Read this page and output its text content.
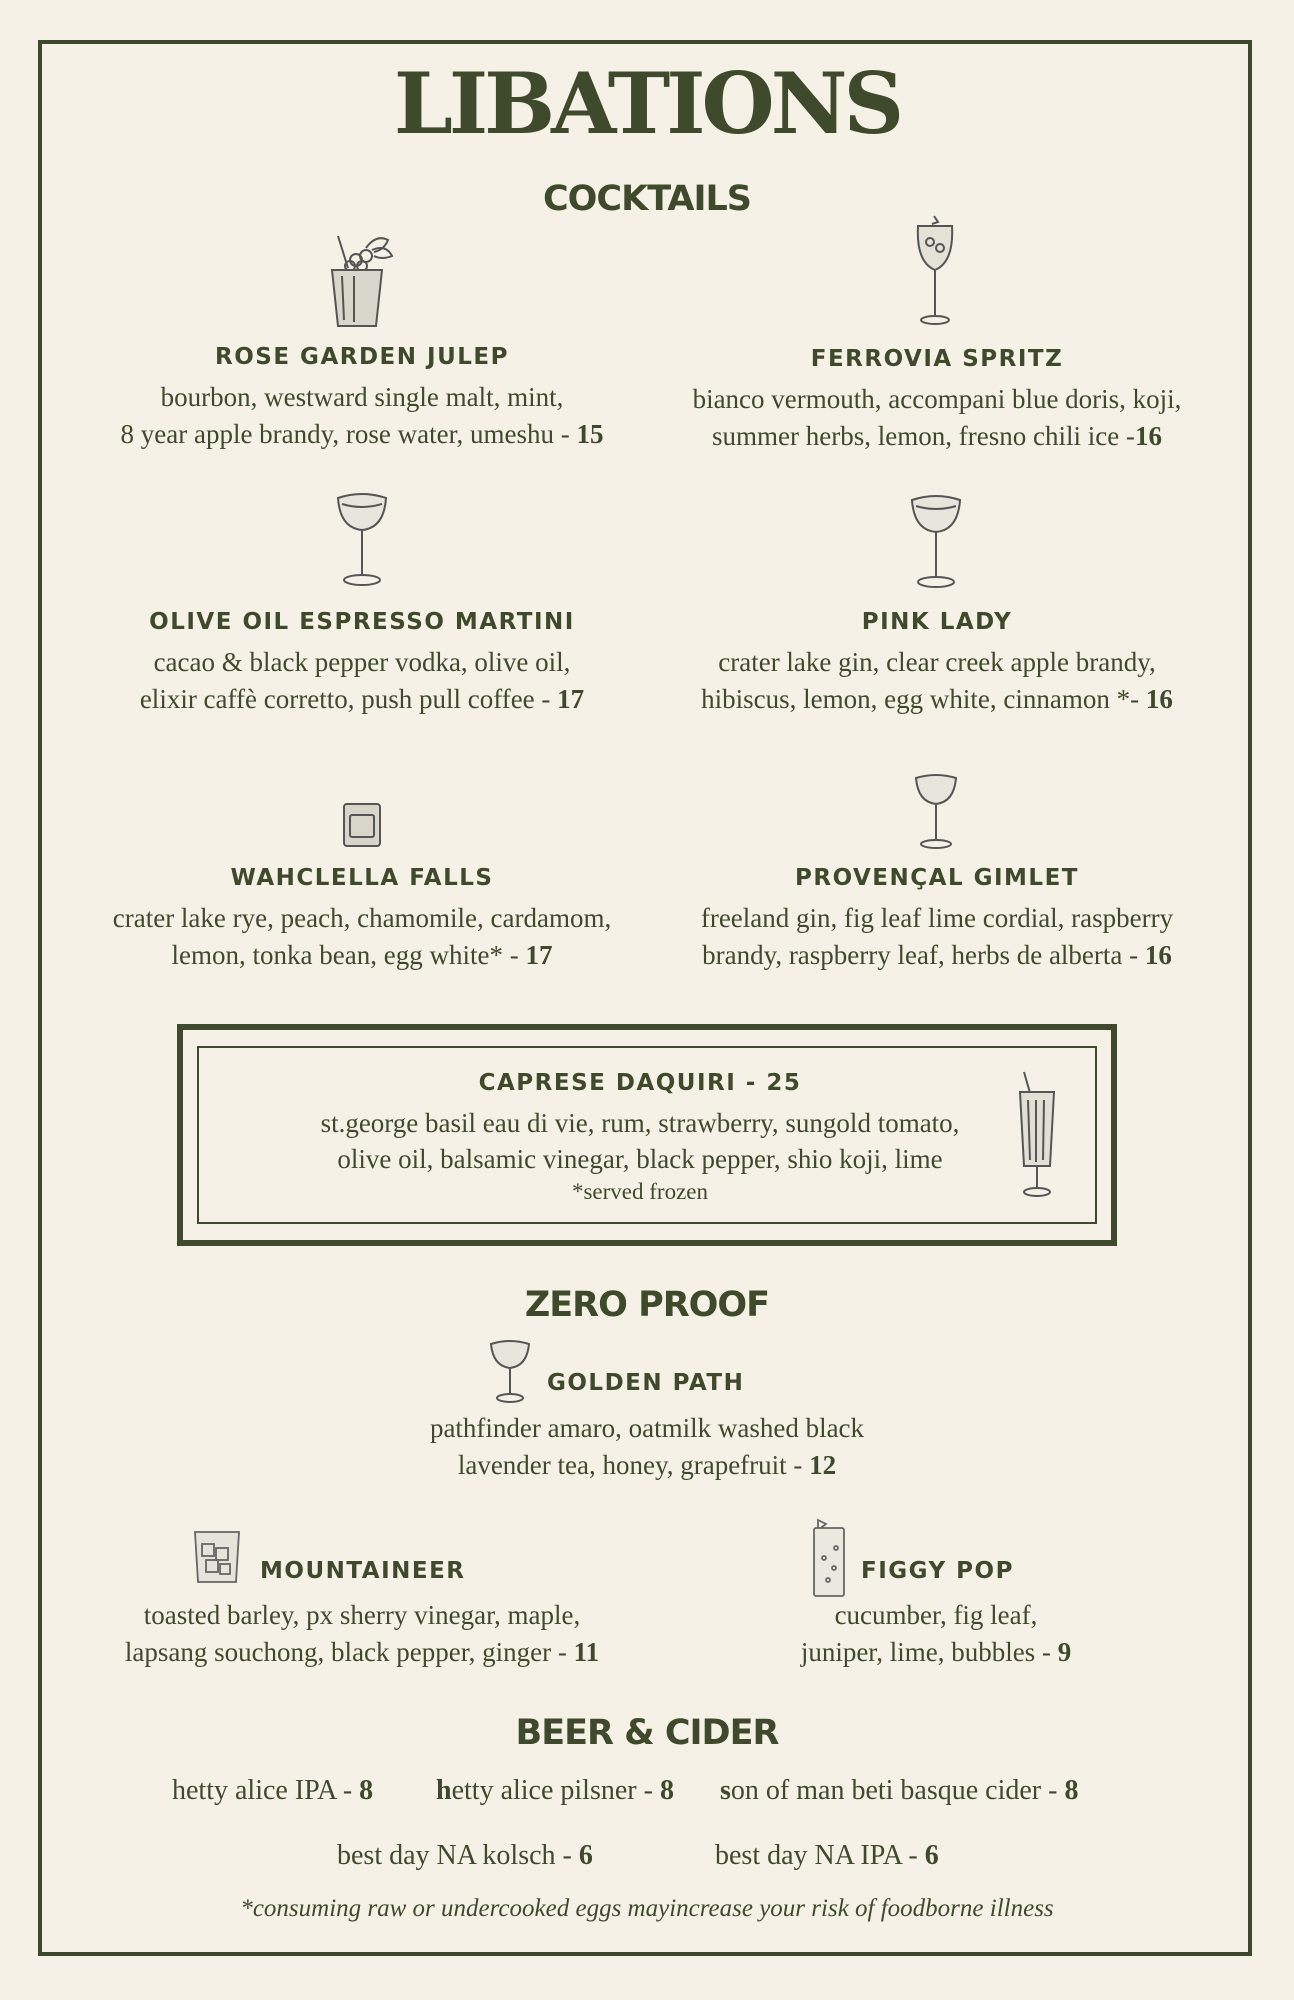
LIBATIONS
COCKTAILS
ROSE GARDEN JULEP
bourbon, westward single malt, mint,
8 year apple brandy, rose water, umeshu - 15
FERROVIA SPRITZ
bianco vermouth, accompani blue doris, koji,
summer herbs, lemon, fresno chili ice -16
OLIVE OIL ESPRESSO MARTINI
cacao & black pepper vodka, olive oil,
elixir caffè corretto, push pull coffee - 17
PINK LADY
crater lake gin, clear creek apple brandy,
hibiscus, lemon, egg white, cinnamon *- 16
WAHCLELLA FALLS
crater lake rye, peach, chamomile, cardamom,
lemon, tonka bean, egg white* - 17
PROVENÇAL GIMLET
freeland gin, fig leaf lime cordial, raspberry
brandy, raspberry leaf, herbs de alberta - 16
CAPRESE DAQUIRI - 25
st.george basil eau di vie, rum, strawberry, sungold tomato,
olive oil, balsamic vinegar, black pepper, shio koji, lime
*served frozen
ZERO PROOF
GOLDEN PATH
pathfinder amaro, oatmilk washed black
lavender tea, honey, grapefruit - 12
MOUNTAINEER
toasted barley, px sherry vinegar, maple,
lapsang souchong, black pepper, ginger - 11
FIGGY POP
cucumber, fig leaf,
juniper, lime, bubbles - 9
BEER & CIDER
hetty alice IPA - 8 hetty alice pilsner - 8 son of man beti basque cider - 8
best day NA kolsch - 6	best day NA IPA - 6
*consuming raw or undercooked eggs mayincrease your risk of foodborne illness
